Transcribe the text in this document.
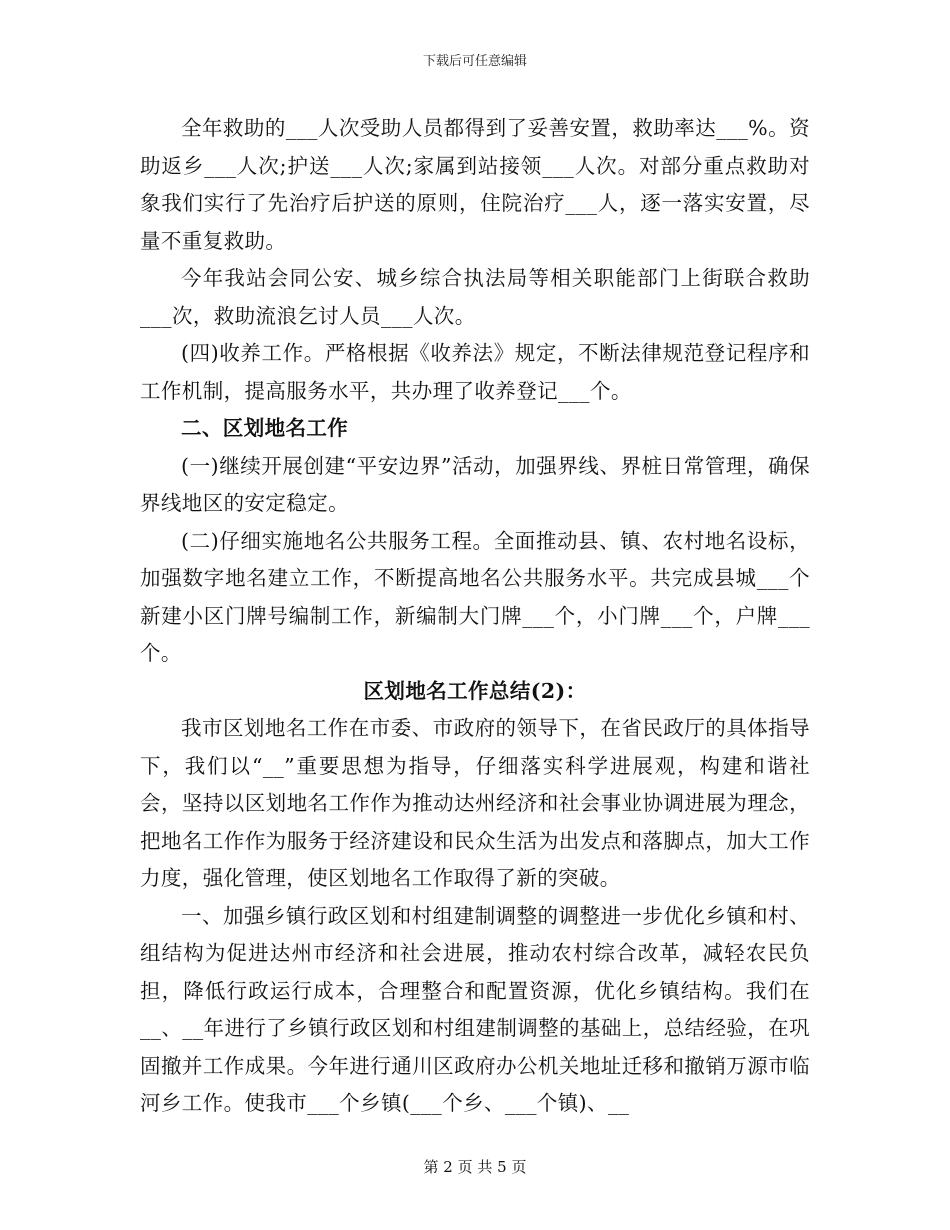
下载后可任意编辑

全年救助的___人次受助人员都得到了妥善安置，救助率达___%。资助返乡___人次;护送___人次;家属到站接领___人次。对部分重点救助对象我们实行了先治疗后护送的原则，住院治疗___人，逐一落实安置，尽量不重复救助。

今年我站会同公安、城乡综合执法局等相关职能部门上街联合救助___次，救助流浪乞讨人员___人次。

(四)收养工作。严格根据《收养法》规定，不断法律规范登记程序和工作机制，提高服务水平，共办理了收养登记___个。

二、区划地名工作

(一)继续开展创建“平安边界”活动，加强界线、界桩日常管理，确保界线地区的安定稳定。

(二)仔细实施地名公共服务工程。全面推动县、镇、农村地名设标，加强数字地名建立工作，不断提高地名公共服务水平。共完成县城___个新建小区门牌号编制工作，新编制大门牌___个，小门牌___个，户牌___个。

区划地名工作总结(2)：

我市区划地名工作在市委、市政府的领导下，在省民政厅的具体指导下，我们以“__”重要思想为指导，仔细落实科学进展观，构建和谐社会，坚持以区划地名工作作为推动达州经济和社会事业协调进展为理念，把地名工作作为服务于经济建设和民众生活为出发点和落脚点，加大工作力度，强化管理，使区划地名工作取得了新的突破。

一、加强乡镇行政区划和村组建制调整的调整进一步优化乡镇和村、组结构为促进达州市经济和社会进展，推动农村综合改革，减轻农民负担，降低行政运行成本，合理整合和配置资源，优化乡镇结构。我们在__、__年进行了乡镇行政区划和村组建制调整的基础上，总结经验，在巩固撤并工作成果。今年进行通川区政府办公机关地址迁移和撤销万源市临河乡工作。使我市___个乡镇(___个乡、___个镇)、__

第 2 页 共 5 页
